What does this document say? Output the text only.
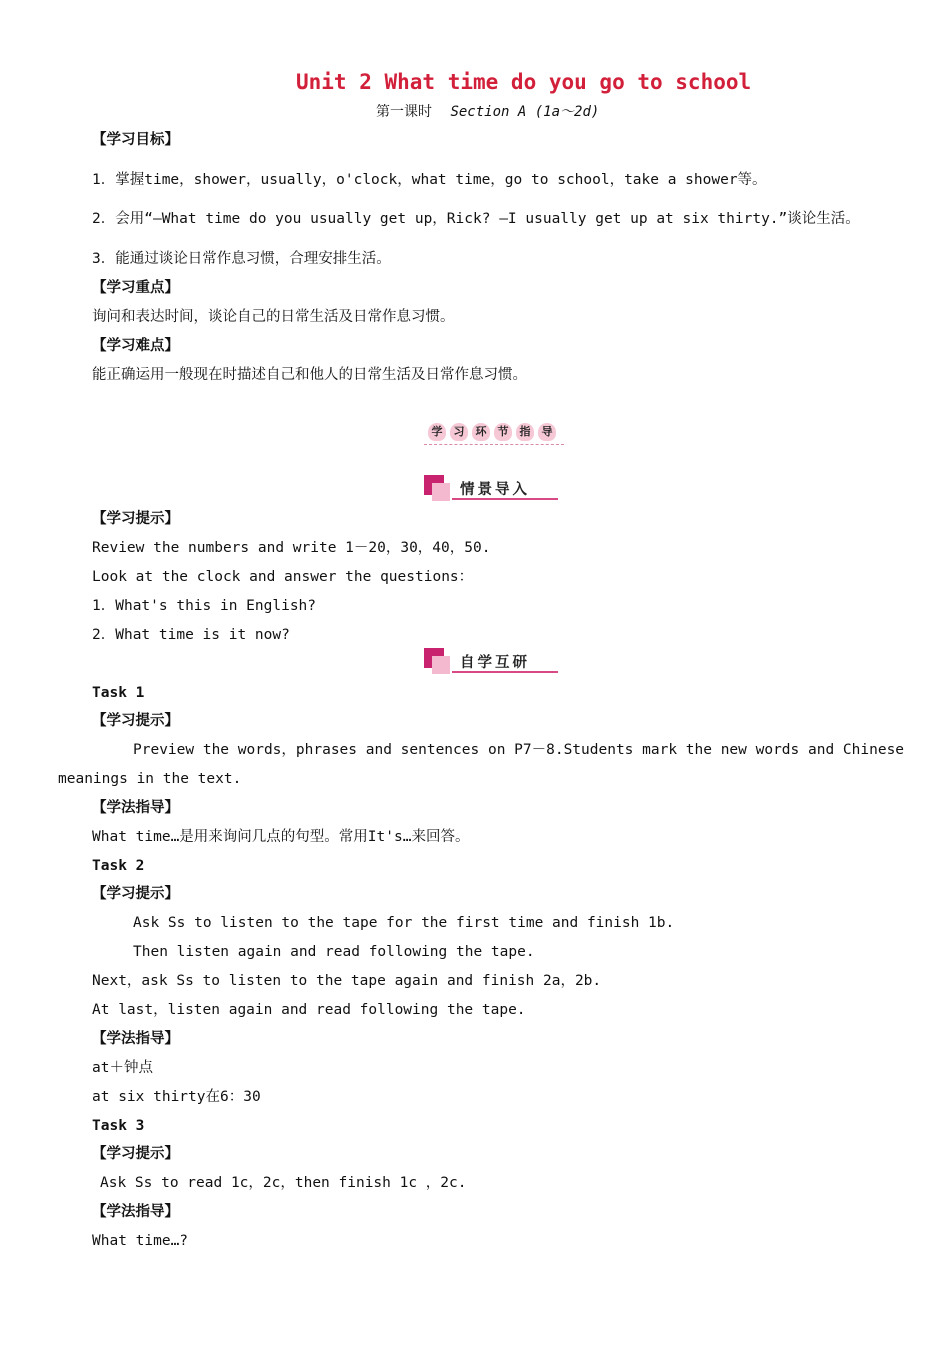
Unit 2 What time do you go to school
第一课时 Section A (1a～2d)
【学习目标】
1．掌握time，shower，usually，o'clock，what time，go to school，take a shower等。
2．会用“—What time do you usually get up，Rick? —I usually get up at six thirty.”谈论生活。
3．能通过谈论日常作息习惯，合理安排生活。
【学习重点】
询问和表达时间，谈论自己的日常生活及日常作息习惯。
【学习难点】
能正确运用一般现在时描述自己和他人的日常生活及日常作息习惯。
学 习 环 节 指 导
情景导入
【学习提示】
Review the numbers and write 1－20，30，40，50.
Look at the clock and answer the questions：
1．What's this in English?
2．What time is it now?
自学互研
Task 1
【学习提示】
Preview the words，phrases and sentences on P7－8.Students mark the new words and Chinese
meanings in the text.
【学法指导】
What time…是用来询问几点的句型。常用It's…来回答。
Task 2
【学习提示】
Ask Ss to listen to the tape for the first time and finish 1b.
Then listen again and read following the tape.
Next，ask Ss to listen to the tape again and finish 2a，2b.
At last，listen again and read following the tape.
【学法指导】
at＋钟点
at six thirty在6：30
Task 3
【学习提示】
Ask Ss to read 1c，2c，then finish 1c ，2c.
【学法指导】
What time…?
